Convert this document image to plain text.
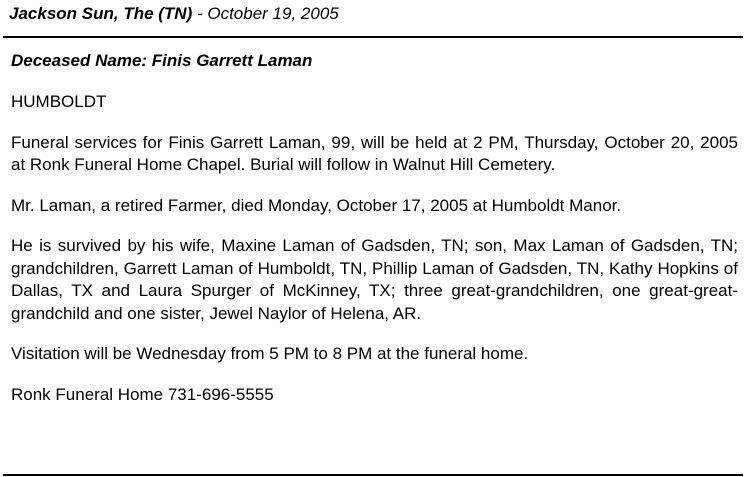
Jackson Sun, The (TN) - October 19, 2005
Deceased Name: Finis Garrett Laman

HUMBOLDT

Funeral services for Finis Garrett Laman, 99, will be held at 2 PM, Thursday, October 20, 2005 at Ronk Funeral Home Chapel. Burial will follow in Walnut Hill Cemetery.

Mr. Laman, a retired Farmer, died Monday, October 17, 2005 at Humboldt Manor.

He is survived by his wife, Maxine Laman of Gadsden, TN; son, Max Laman of Gadsden, TN; grandchildren, Garrett Laman of Humboldt, TN, Phillip Laman of Gadsden, TN, Kathy Hopkins of Dallas, TX and Laura Spurger of McKinney, TX; three great-grandchildren, one great-great-grandchild and one sister, Jewel Naylor of Helena, AR.

Visitation will be Wednesday from 5 PM to 8 PM at the funeral home.

Ronk Funeral Home 731-696-5555
